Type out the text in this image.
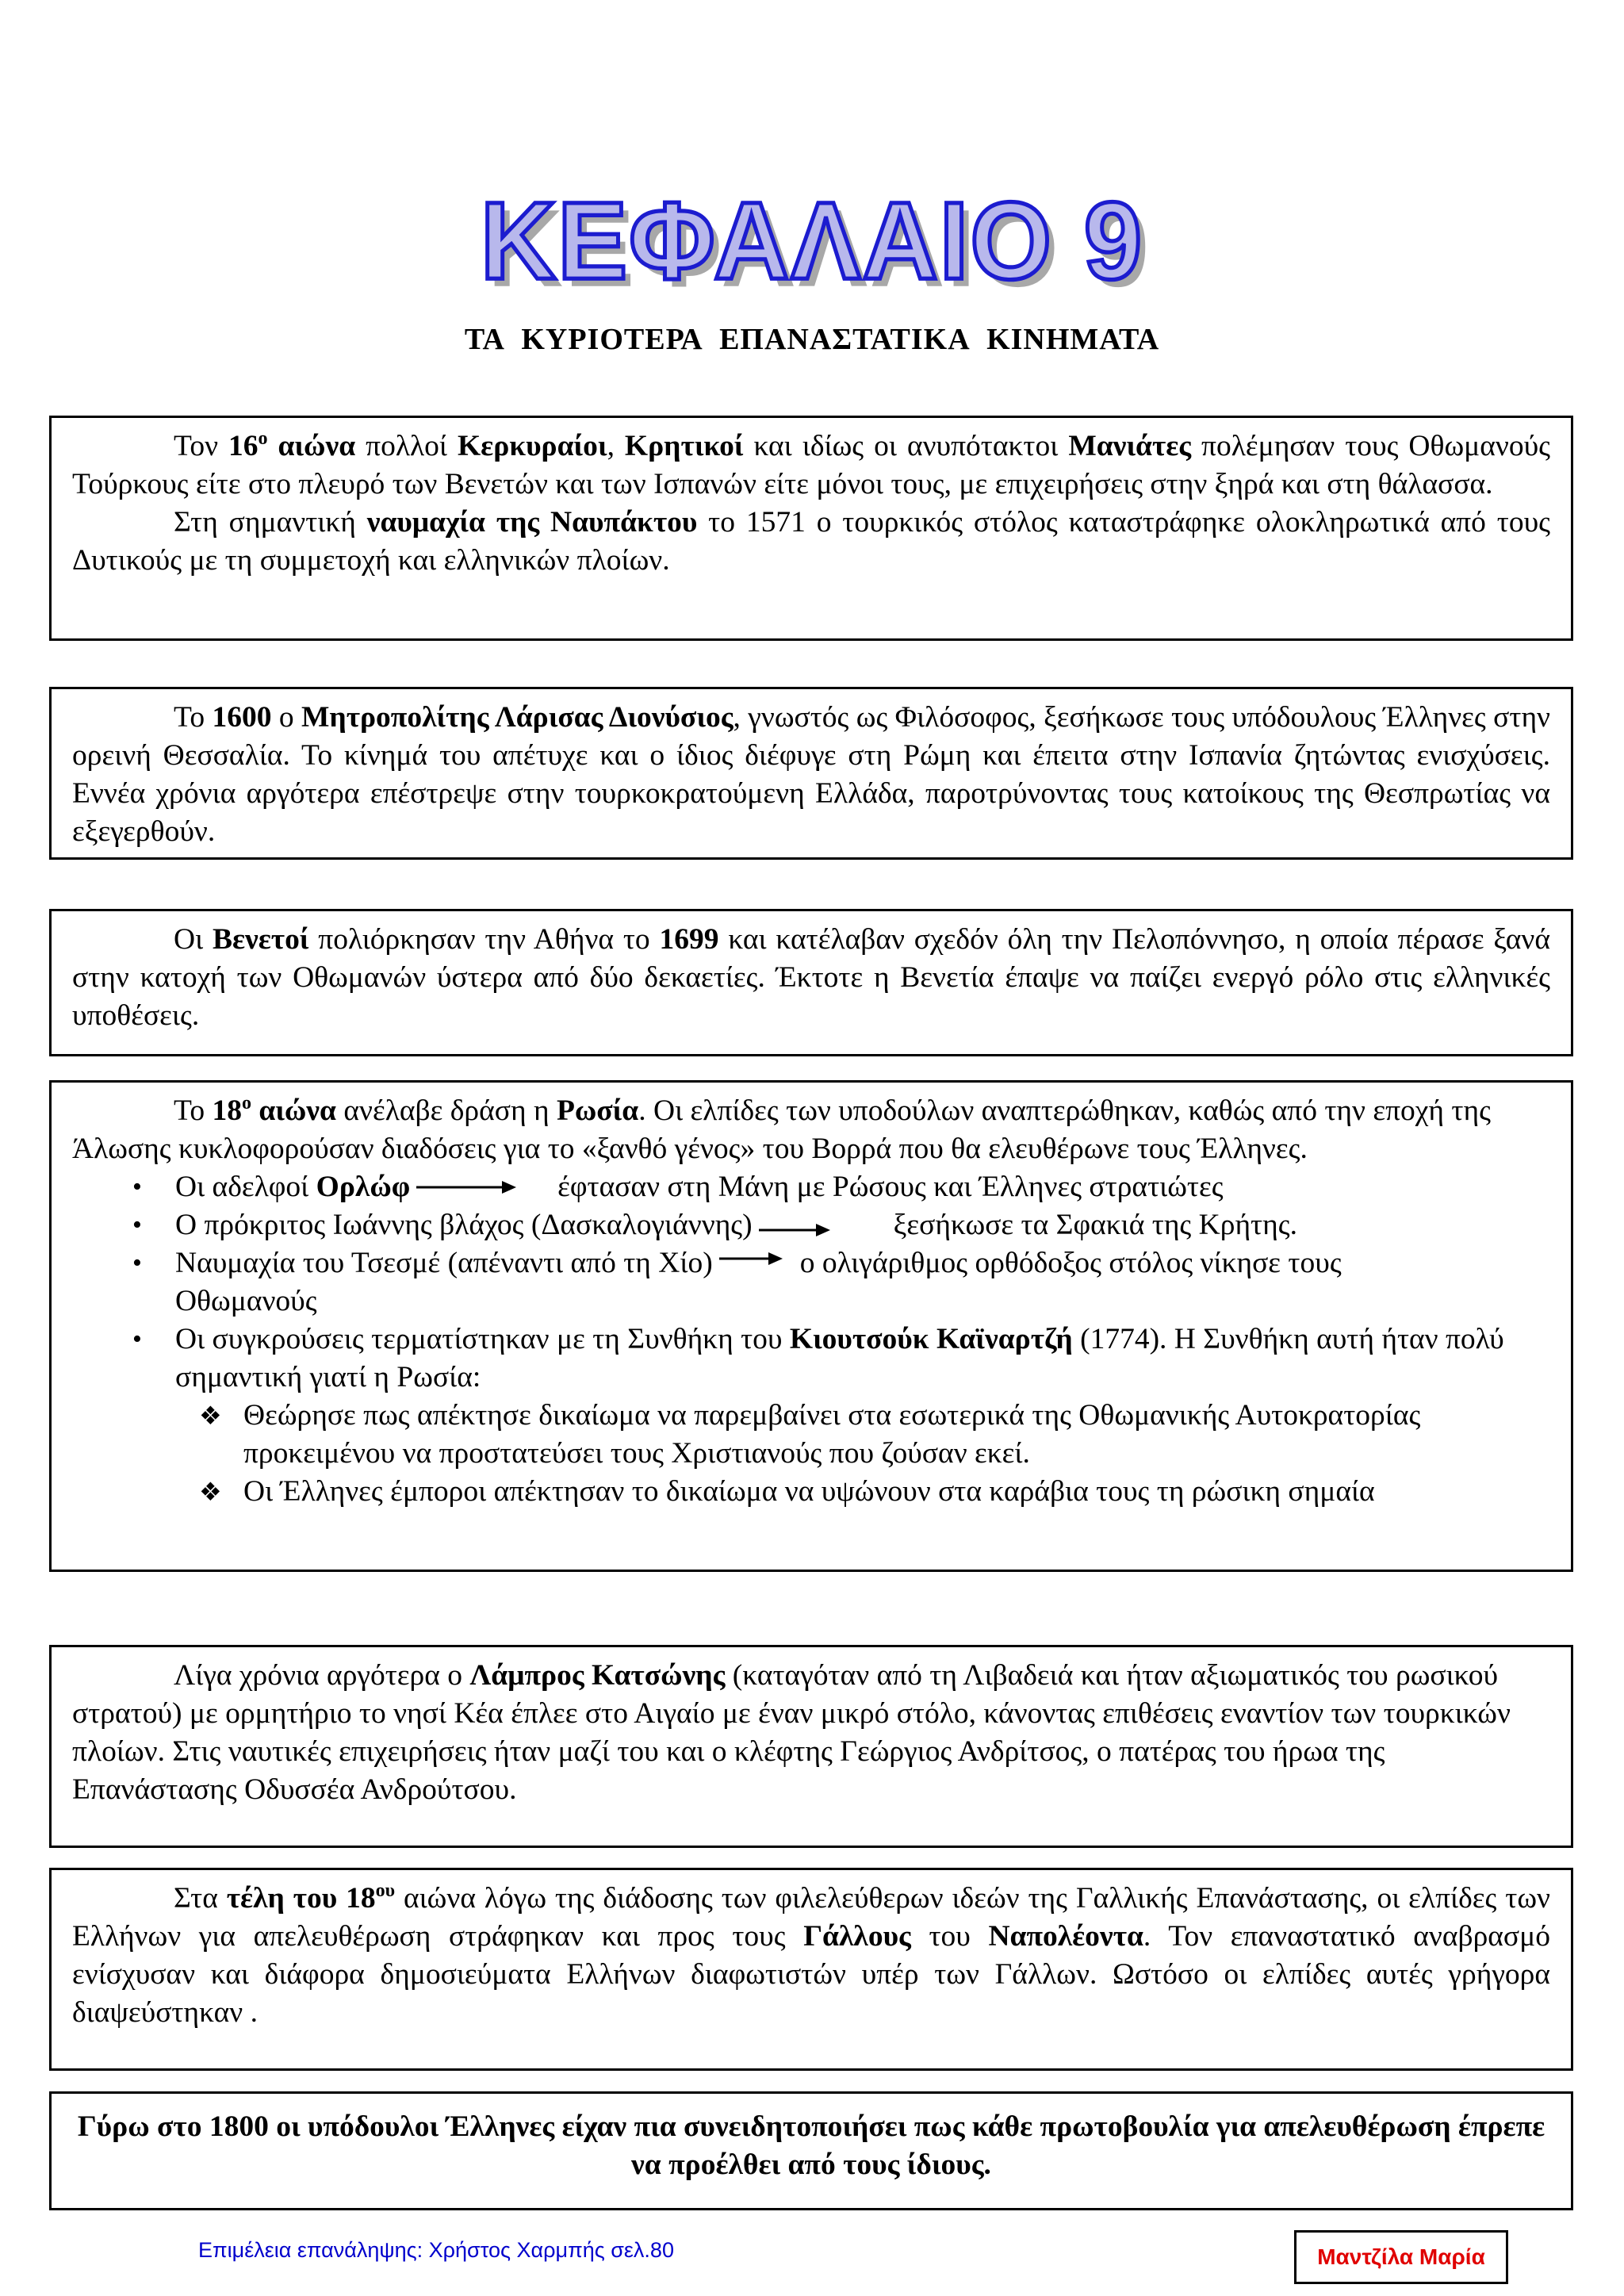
ΚΕΦΑΛΑΙΟ 9
ΤΑ ΚΥΡΙΟΤΕΡΑ ΕΠΑΝΑΣΤΑΤΙΚΑ ΚΙΝΗΜΑΤΑ

Τον $16^o$ αιώνα πολλοί Κερκυραίοι, Κρητικοί και ιδίως οι ανυπότακτοι Μανιάτες πολέμησαν τους Οθωμανούς Τούρκους είτε στο πλευρό των Βενετών και των Ισπανών είτε μόνοι τους, με επιχειρήσεις στην ξηρά και στη θάλασσα.

Στη σημαντική ναυμαχία της Ναυπάκτου το 1571 ο τουρκικός στόλος καταστράφηκε ολοκληρωτικά από τους Δυτικούς με τη συμμετοχή και ελληνικών πλοίων.

Το 1600 ο Μητροπολίτης Λάρισας Διονύσιος, γνωστός ως Φιλόσοφος, ξεσήκωσε τους υπόδουλους Έλληνες στην ορεινή Θεσσαλία. Το κίνημά του απέτυχε και ο ίδιος διέφυγε στη Ρώμη και έπειτα στην Ισπανία ζητώντας ενισχύσεις. Εννέα χρόνια αργότερα επέστρεψε στην τουρκοκρατούμενη Ελλάδα, παροτρύνοντας τους κατοίκους της Θεσπρωτίας να εξεγερθούν.

Οι Βενετοί πολιόρκησαν την Αθήνα το 1699 και κατέλαβαν σχεδόν όλη την Πελοπόννησο, η οποία πέρασε ξανά στην κατοχή των Οθωμανών ύστερα από δύο δεκαετίες. Έκτοτε η Βενετία έπαψε να παίζει ενεργό ρόλο στις ελληνικές υποθέσεις.

Το $18^o$ αιώνα ανέλαβε δράση η Ρωσία. Οι ελπίδες των υποδούλων αναπτερώθηκαν, καθώς από την εποχή της Άλωσης κυκλοφορούσαν διαδόσεις για το «ξανθό γένος» του Βορρά που θα ελευθέρωνε τους Έλληνες.

• Οι αδελφοί Ορλώφ	έφτασαν στη Μάνη με Ρώσους και Έλληνες στρατιώτες
• Ο πρόκριτος Ιωάννης βλάχος (Δασκαλογιάννης)	ξεσήκωσε τα Σφακιά της Κρήτης.
• Ναυμαχία του Τσεσμέ (απέναντι από τη Χίο)	ο ολιγάριθμος ορθόδοξος στόλος νίκησε τους
Οθωμανούς
• Οι συγκρούσεις τερματίστηκαν με τη Συνθήκη του Κιουτσούκ Καϊναρτζή (1774). Η Συνθήκη αυτή ήταν πολύ σημαντική γιατί η Ρωσία:
❖ Θεώρησε πως απέκτησε δικαίωμα να παρεμβαίνει στα εσωτερικά της Οθωμανικής Αυτοκρατορίας προκειμένου να προστατεύσει τους Χριστιανούς που ζούσαν εκεί.
❖ Οι Έλληνες έμποροι απέκτησαν το δικαίωμα να υψώνουν στα καράβια τους τη ρώσικη σημαία

Λίγα χρόνια αργότερα ο Λάμπρος Κατσώνης (καταγόταν από τη Λιβαδειά και ήταν αξιωματικός του ρωσικού στρατού) με ορμητήριο το νησί Κέα έπλεε στο Αιγαίο με έναν μικρό στόλο, κάνοντας επιθέσεις εναντίον των τουρκικών πλοίων. Στις ναυτικές επιχειρήσεις ήταν μαζί του και ο κλέφτης Γεώργιος Ανδρίτσος, ο πατέρας του ήρωα της Επανάστασης Οδυσσέα Ανδρούτσου.

Στα τέλη του $18^{o\upsilon}$ αιώνα λόγω της διάδοσης των φιλελεύθερων ιδεών της Γαλλικής Επανάστασης, οι ελπίδες των Ελλήνων για απελευθέρωση στράφηκαν και προς τους Γάλλους του Ναπολέοντα. Τον επαναστατικό αναβρασμό ενίσχυσαν και διάφορα δημοσιεύματα Ελλήνων διαφωτιστών υπέρ των Γάλλων. Ωστόσο οι ελπίδες αυτές γρήγορα διαψεύστηκαν .

Γύρω στο 1800 οι υπόδουλοι Έλληνες είχαν πια συνειδητοποιήσει πως κάθε πρωτοβουλία για απελευθέρωση έπρεπε να προέλθει από τους ίδιους.

Επιμέλεια επανάληψης: Χρήστος Χαρμπής σελ.80	Μαντζίλα Μαρία
